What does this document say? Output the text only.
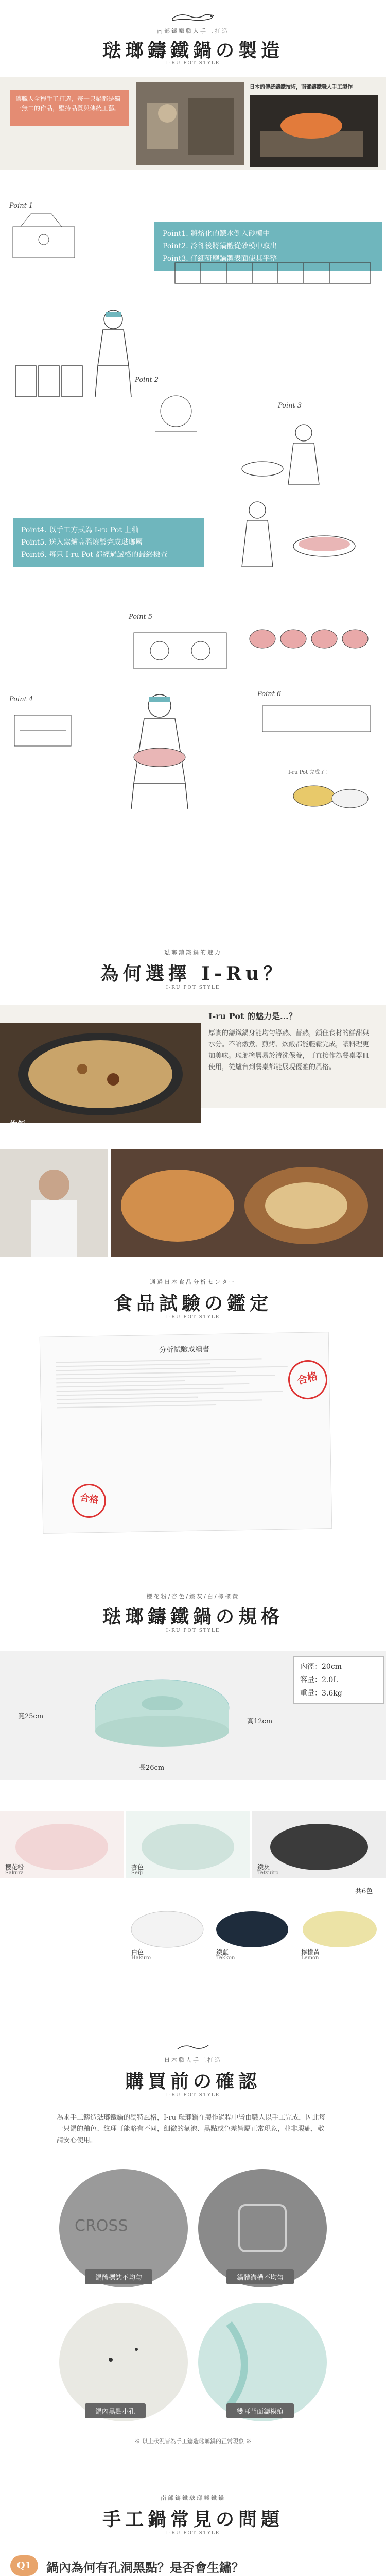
南部鑄鐵職人手工打造
琺瑯鑄鐵鍋の製造
I-RU POT STYLE
讓職人全程手工打造，每一只鍋都是獨一無二的作品，堅持品質與傳統工藝。
日本的傳統鑄鐵技術，南部鑄鐵職人手工製作
Point 1
Point1. 將熔化的鐵水倒入砂模中
Point2. 冷卻後將鍋體從砂模中取出
Point3. 仔細研磨鍋體表面使其平整
Point 2
Point 3
Point4. 以手工方式為 I-ru Pot 上釉
Point5. 送入窯爐高溫燒製完成琺瑯層
Point6. 每只 I-ru Pot 都經過嚴格的最終檢查
Point 5
Point 4
Point 6
I-ru Pot 完成了！
琺瑯鑄鐵鍋的魅力
為何選擇 I-Ru？
I-RU POT STYLE
炊飯
I-ru Pot 的魅力是...？
厚實的鑄鐵鍋身能均勻導熱、蓄熱，鎖住食材的鮮甜與水分。不論燉煮、煎烤、炊飯都能輕鬆完成，讓料理更加美味。琺瑯塗層易於清洗保養，可直接作為餐桌器皿使用，從爐台到餐桌都能展現優雅的風格。
通過日本食品分析センター
食品試驗の鑑定
I-RU POT STYLE
分析試驗成績書
合格
合格
櫻花粉/杏色/鐵灰/白/檸檬黃
琺瑯鑄鐵鍋の規格
I-RU POT STYLE
寬25cm
高12cm
長26cm
內徑：20cm
容量：2.0L
重量：3.6kg
櫻花粉
Sakura
杏色
Seiji
鐵灰
Tetsuiro
共6色
白色
Hakuro
鐵藍
Tekkon
檸檬黃
Lemon
日本職人手工打造
購買前の確認
I-RU POT STYLE
為求手工鑄造琺瑯鐵鍋的獨特風格，I-ru 琺瑯鍋在製作過程中皆由職人以手工完成，因此每一只鍋的釉色、紋理可能略有不同，細微的氣泡、黑點或色差皆屬正常現象，並非瑕疵，敬請安心使用。
CROSS
鍋體標誌不均勻	鍋體溝槽不均勻
鍋內黑點小孔	雙耳背面鑄模痕
※ 以上狀況皆為手工鑄造琺瑯鍋的正常現象 ※
南部鑄鐵琺瑯鑄鐵鍋
手工鍋常見の問題
I-RU POT STYLE
Q1	鍋內為何有孔洞黑點？是否會生鏽？
